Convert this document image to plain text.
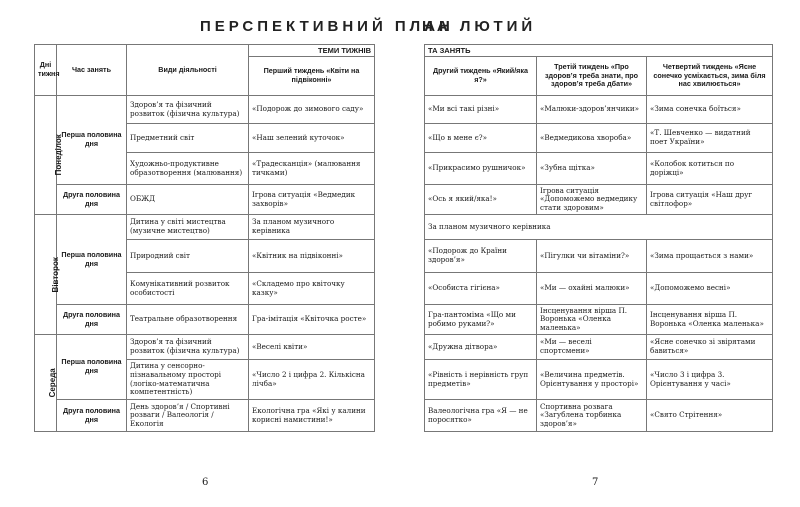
ПЕРСПЕКТИВНИЙ ПЛАН
НА ЛЮТИЙ
Дні тижня	Час занять	Види діяльності	ТЕМИ ТИЖНІВ
			Перший тиждень «Квіти на підвіконні»
Понеділок	Перша половина дня	Здоров’я та фізичний розвиток (фізична культура)	«Подорож до зимового саду»
		Предметний світ	«Наш зелений куточок»
		Художньо-продуктивне образотворення (малювання)	«Традесканція» (малювання тичками)
	Друга половина дня	ОБЖД	Ігрова ситуація «Ведмедик захворів»
Вівторок	Перша половина дня	Дитина у світі мистецтва (музичне мистецтво)	За планом музичного керівника
		Природний світ	«Квітник на підвіконні»
		Комунікативний розвиток особистості	«Складемо про квіточку казку»
	Друга половина дня	Театральне образотворення	Гра-імітація «Квіточка росте»
Середа	Перша половина дня	Здоров’я та фізичний розвиток (фізична культура)	«Веселі квіти»
		Дитина у сенсорно-пізнавальному просторі (логіко-математична компетентність)	«Число 2 і цифра 2. Кількісна лічба»
	Друга половина дня	День здоров’я / Спортивні розваги / Валеологія / Екологія	Екологічна гра «Які у калини корисні намистини!»
ТА ЗАНЯТЬ		
Другий тиждень «Який/яка я?»	Третій тиждень «Про здоров’я треба знати, про здоров’я треба дбати»	Четвертий тиждень «Ясне сонечко усміхається, зима біля нас хвилюється»
«Ми всі такі різні»	«Малюки-здоров’янчики»	«Зима сонечка боїться»
«Що в мене є?»	«Ведмедикова хвороба»	«Т. Шевченко — видатний поет України»
«Прикрасимо рушничок»	«Зубна щітка»	«Колобок котиться по доріжці»
«Ось я який/яка!»	Ігрова ситуація «Допоможемо ведмедику стати здоровим»	Ігрова ситуація «Наш друг світлофор»
За планом музичного керівника		
«Подорож до Країни здоров’я»	«Пігулки чи вітаміни?»	«Зима прощається з нами»
«Особиста гігієна»	«Ми — охайні малюки»	«Допоможемо весні»
Гра-пантоміма «Що ми робимо руками?»	Інсценування вірша П. Воронька «Оленка маленька»	Інсценування вірша П. Воронька «Оленка маленька»
«Дружна дітвора»	«Ми — веселі спортсмени»	«Ясне сонечко зі звірятами бавиться»
«Рівність і нерівність груп предметів»	«Величина предметів. Орієнтування у просторі»	«Число 3 і цифра 3. Орієнтування у часі»
Валеологічна гра «Я — не поросятко»	Спортивна розвага «Загублена торбинка здоров’я»	«Свято Стрітення»
6	7
